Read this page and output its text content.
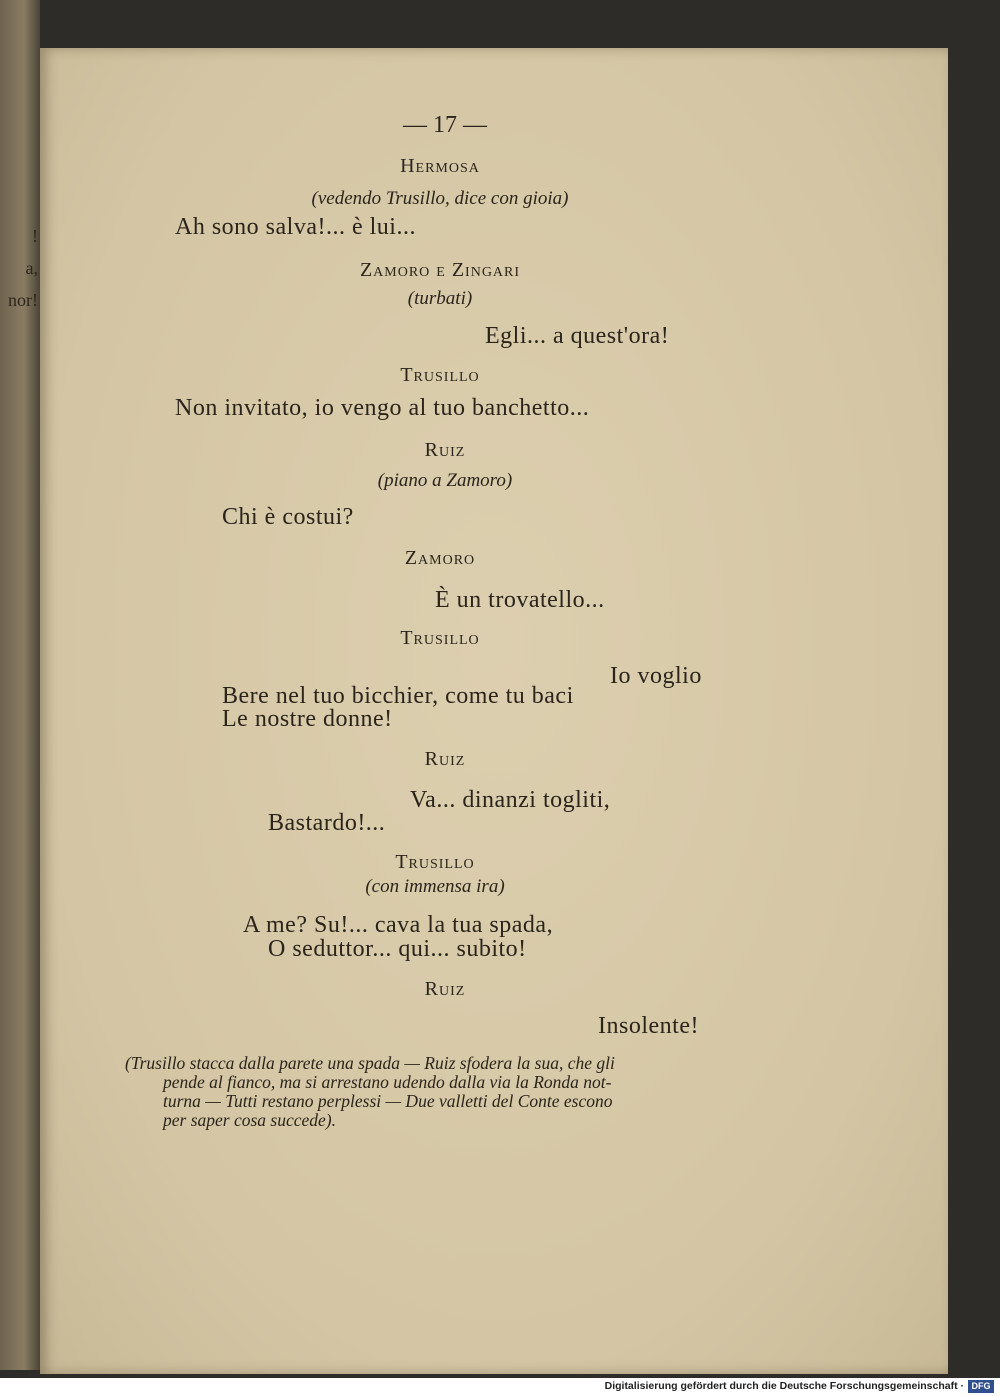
!
a,
nor!
— 17 —
Hermosa
(vedendo Trusillo, dice con gioia)
Ah sono salva!... è lui...
Zamoro e Zingari
(turbati)
Egli... a quest'ora!
Trusillo
Non invitato, io vengo al tuo banchetto...
Ruiz
(piano a Zamoro)
Chi è costui?
Zamoro
È un trovatello...
Trusillo
Io voglio
Bere nel tuo bicchier, come tu baci
Le nostre donne!
Ruiz
Va... dinanzi togliti,
Bastardo!...
Trusillo
(con immensa ira)
A me? Su!... cava la tua spada,
O seduttor... qui... subito!
Ruiz
Insolente!
(Trusillo stacca dalla parete una spada — Ruiz sfodera la sua, che gli
pende al fianco, ma si arrestano udendo dalla via la Ronda not-
turna — Tutti restano perplessi — Due valletti del Conte escono
per saper cosa succede).
Digitalisierung gefördert durch die Deutsche Forschungsgemeinschaft · DFG
